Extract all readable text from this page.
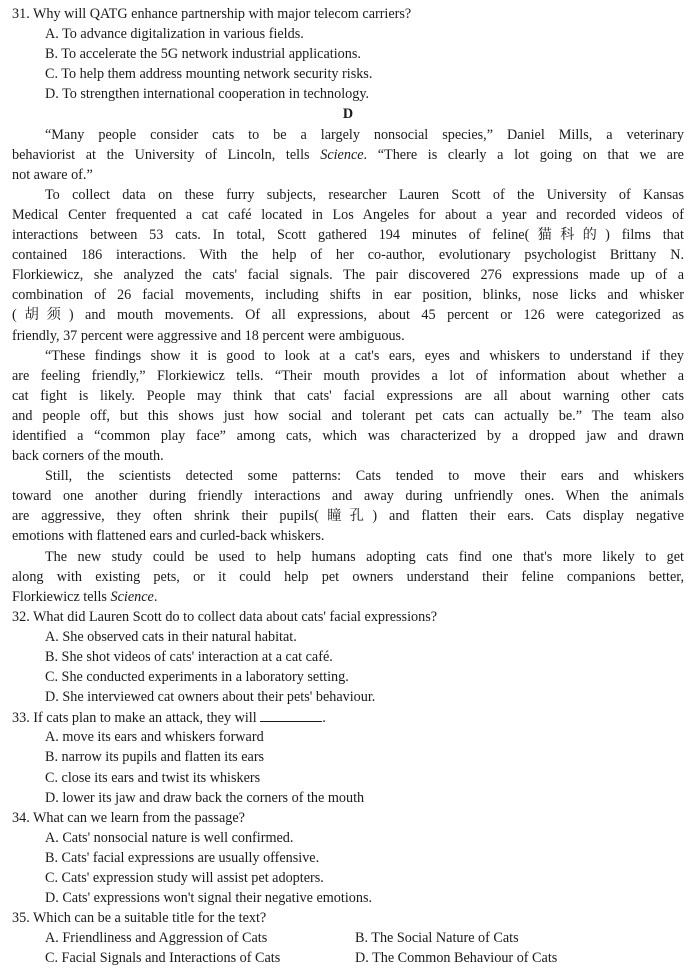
31. Why will QATG enhance partnership with major telecom carriers?
A. To advance digitalization in various fields.
B. To accelerate the 5G network industrial applications.
C. To help them address mounting network security risks.
D. To strengthen international cooperation in technology.
D
“Many people consider cats to be a largely nonsocial species,” Daniel Mills, a veterinary
behaviorist at the University of Lincoln, tells Science. “There is clearly a lot going on that we are
not aware of.”
To collect data on these furry subjects, researcher Lauren Scott of the University of Kansas
Medical Center frequented a cat café located in Los Angeles for about a year and recorded videos of
interactions between 53 cats. In total, Scott gathered 194 minutes of feline(猫科的) films that
contained 186 interactions. With the help of her co-author, evolutionary psychologist Brittany N.
Florkiewicz, she analyzed the cats' facial signals. The pair discovered 276 expressions made up of a
combination of 26 facial movements, including shifts in ear position, blinks, nose licks and whisker
(胡须) and mouth movements. Of all expressions, about 45 percent or 126 were categorized as
friendly, 37 percent were aggressive and 18 percent were ambiguous.
“These findings show it is good to look at a cat's ears, eyes and whiskers to understand if they
are feeling friendly,” Florkiewicz tells. “Their mouth provides a lot of information about whether a
cat fight is likely. People may think that cats' facial expressions are all about warning other cats
and people off, but this shows just how social and tolerant pet cats can actually be.” The team also
identified a “common play face” among cats, which was characterized by a dropped jaw and drawn
back corners of the mouth.
Still, the scientists detected some patterns: Cats tended to move their ears and whiskers
toward one another during friendly interactions and away during unfriendly ones. When the animals
are aggressive, they often shrink their pupils(瞳孔) and flatten their ears. Cats display negative
emotions with flattened ears and curled-back whiskers.
The new study could be used to help humans adopting cats find one that's more likely to get
along with existing pets, or it could help pet owners understand their feline companions better,
Florkiewicz tells Science.
32. What did Lauren Scott do to collect data about cats' facial expressions?
A. She observed cats in their natural habitat.
B. She shot videos of cats' interaction at a cat café.
C. She conducted experiments in a laboratory setting.
D. She interviewed cat owners about their pets' behaviour.
33. If cats plan to make an attack, they will	.
A. move its ears and whiskers forward
B. narrow its pupils and flatten its ears
C. close its ears and twist its whiskers
D. lower its jaw and draw back the corners of the mouth
34. What can we learn from the passage?
A. Cats' nonsocial nature is well confirmed.
B. Cats' facial expressions are usually offensive.
C. Cats' expression study will assist pet adopters.
D. Cats' expressions won't signal their negative emotions.
35. Which can be a suitable title for the text?
A. Friendliness and Aggression of Cats	B. The Social Nature of Cats
C. Facial Signals and Interactions of Cats	D. The Common Behaviour of Cats
